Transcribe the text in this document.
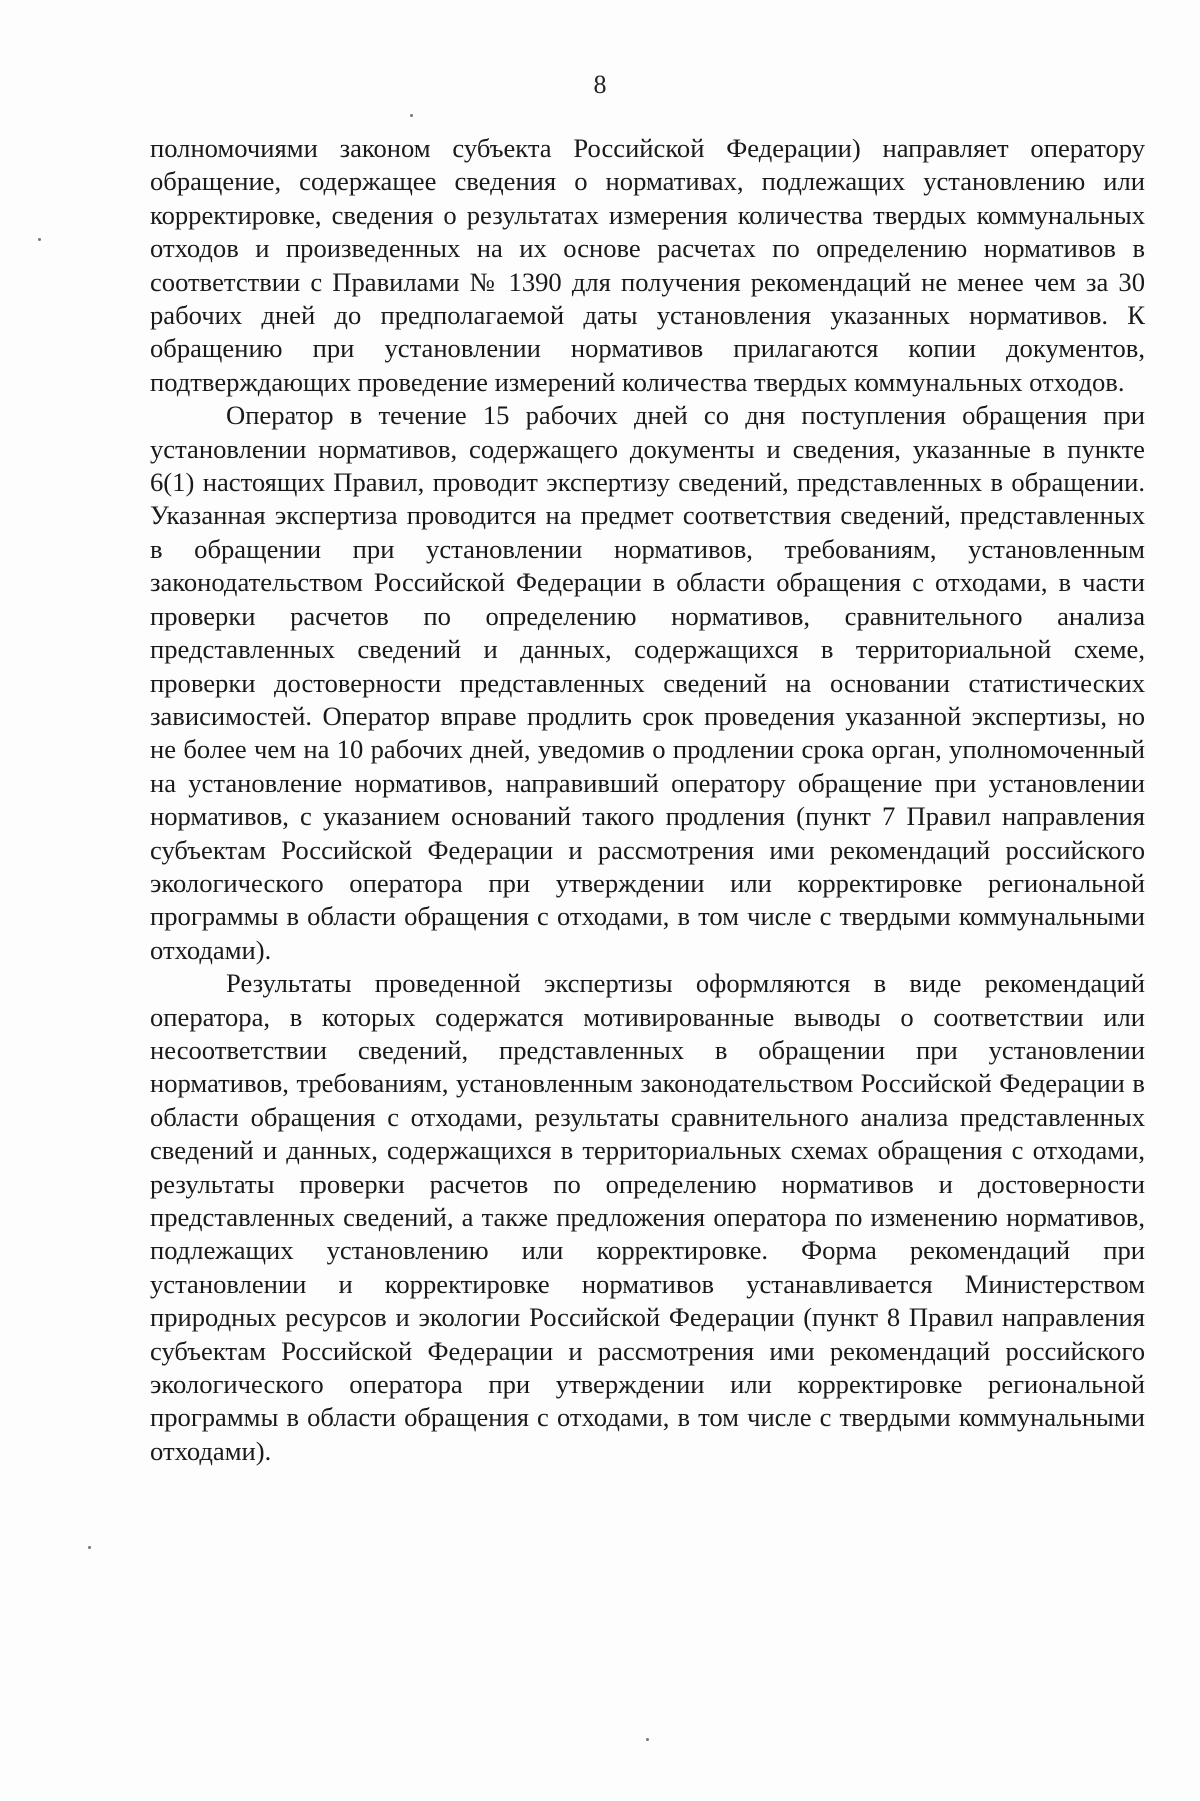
8

полномочиями законом субъекта Российской Федерации) направляет оператору обращение, содержащее сведения о нормативах, подлежащих установлению или корректировке, сведения о результатах измерения количества твердых коммунальных отходов и произведенных на их основе расчетах по определению нормативов в соответствии с Правилами № 1390 для получения рекомендаций не менее чем за 30 рабочих дней до предполагаемой даты установления указанных нормативов. К обращению при установлении нормативов прилагаются копии документов, подтверждающих проведение измерений количества твердых коммунальных отходов.

Оператор в течение 15 рабочих дней со дня поступления обращения при установлении нормативов, содержащего документы и сведения, указанные в пункте 6(1) настоящих Правил, проводит экспертизу сведений, представленных в обращении. Указанная экспертиза проводится на предмет соответствия сведений, представленных в обращении при установлении нормативов, требованиям, установленным законодательством Российской Федерации в области обращения с отходами, в части проверки расчетов по определению нормативов, сравнительного анализа представленных сведений и данных, содержащихся в территориальной схеме, проверки достоверности представленных сведений на основании статистических зависимостей. Оператор вправе продлить срок проведения указанной экспертизы, но не более чем на 10 рабочих дней, уведомив о продлении срока орган, уполномоченный на установление нормативов, направивший оператору обращение при установлении нормативов, с указанием оснований такого продления (пункт 7 Правил направления субъектам Российской Федерации и рассмотрения ими рекомендаций российского экологического оператора при утверждении или корректировке региональной программы в области обращения с отходами, в том числе с твердыми коммунальными отходами).

Результаты проведенной экспертизы оформляются в виде рекомендаций оператора, в которых содержатся мотивированные выводы о соответствии или несоответствии сведений, представленных в обращении при установлении нормативов, требованиям, установленным законодательством Российской Федерации в области обращения с отходами, результаты сравнительного анализа представленных сведений и данных, содержащихся в территориальных схемах обращения с отходами, результаты проверки расчетов по определению нормативов и достоверности представленных сведений, а также предложения оператора по изменению нормативов, подлежащих установлению или корректировке. Форма рекомендаций при установлении и корректировке нормативов устанавливается Министерством природных ресурсов и экологии Российской Федерации (пункт 8 Правил направления субъектам Российской Федерации и рассмотрения ими рекомендаций российского экологического оператора при утверждении или корректировке региональной программы в области обращения с отходами, в том числе с твердыми коммунальными отходами).
